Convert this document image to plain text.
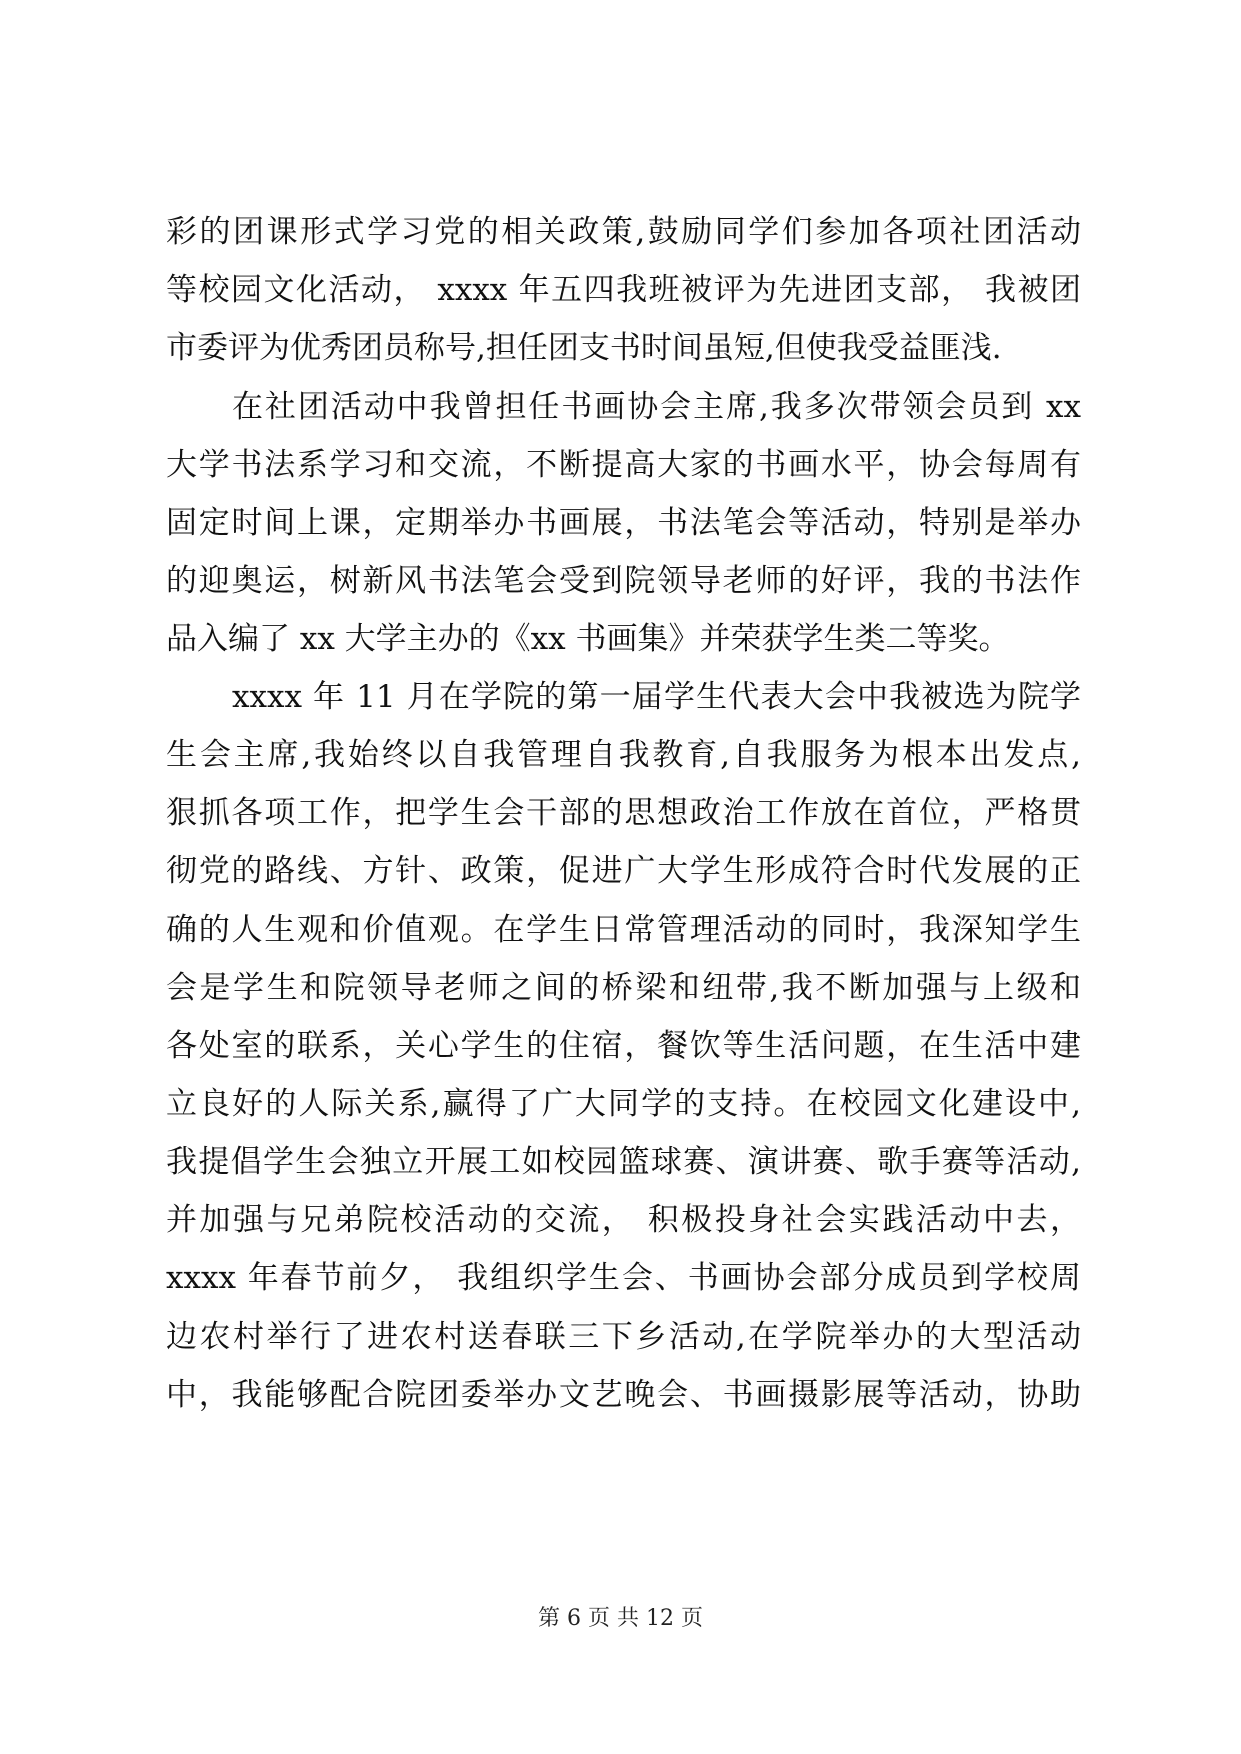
彩的团课形式学习党的相关政策,鼓励同学们参加各项社团活动
等校园文化活动， xxxx 年五四我班被评为先进团支部， 我被团
市委评为优秀团员称号,担任团支书时间虽短,但使我受益匪浅.
在社团活动中我曾担任书画协会主席,我多次带领会员到 xx
大学书法系学习和交流，不断提高大家的书画水平，协会每周有
固定时间上课，定期举办书画展，书法笔会等活动，特别是举办
的迎奥运，树新风书法笔会受到院领导老师的好评，我的书法作
品入编了 xx 大学主办的《xx 书画集》并荣获学生类二等奖。
xxxx 年 11 月在学院的第一届学生代表大会中我被选为院学
生会主席,我始终以自我管理自我教育,自我服务为根本出发点,
狠抓各项工作，把学生会干部的思想政治工作放在首位，严格贯
彻党的路线、方针、政策，促进广大学生形成符合时代发展的正
确的人生观和价值观。在学生日常管理活动的同时，我深知学生
会是学生和院领导老师之间的桥梁和纽带,我不断加强与上级和
各处室的联系，关心学生的住宿，餐饮等生活问题，在生活中建
立良好的人际关系,赢得了广大同学的支持。在校园文化建设中,
我提倡学生会独立开展工如校园篮球赛、演讲赛、歌手赛等活动,
并加强与兄弟院校活动的交流， 积极投身社会实践活动中去，
xxxx 年春节前夕， 我组织学生会、书画协会部分成员到学校周
边农村举行了进农村送春联三下乡活动,在学院举办的大型活动
中，我能够配合院团委举办文艺晚会、书画摄影展等活动，协助
第 6 页 共 12 页
